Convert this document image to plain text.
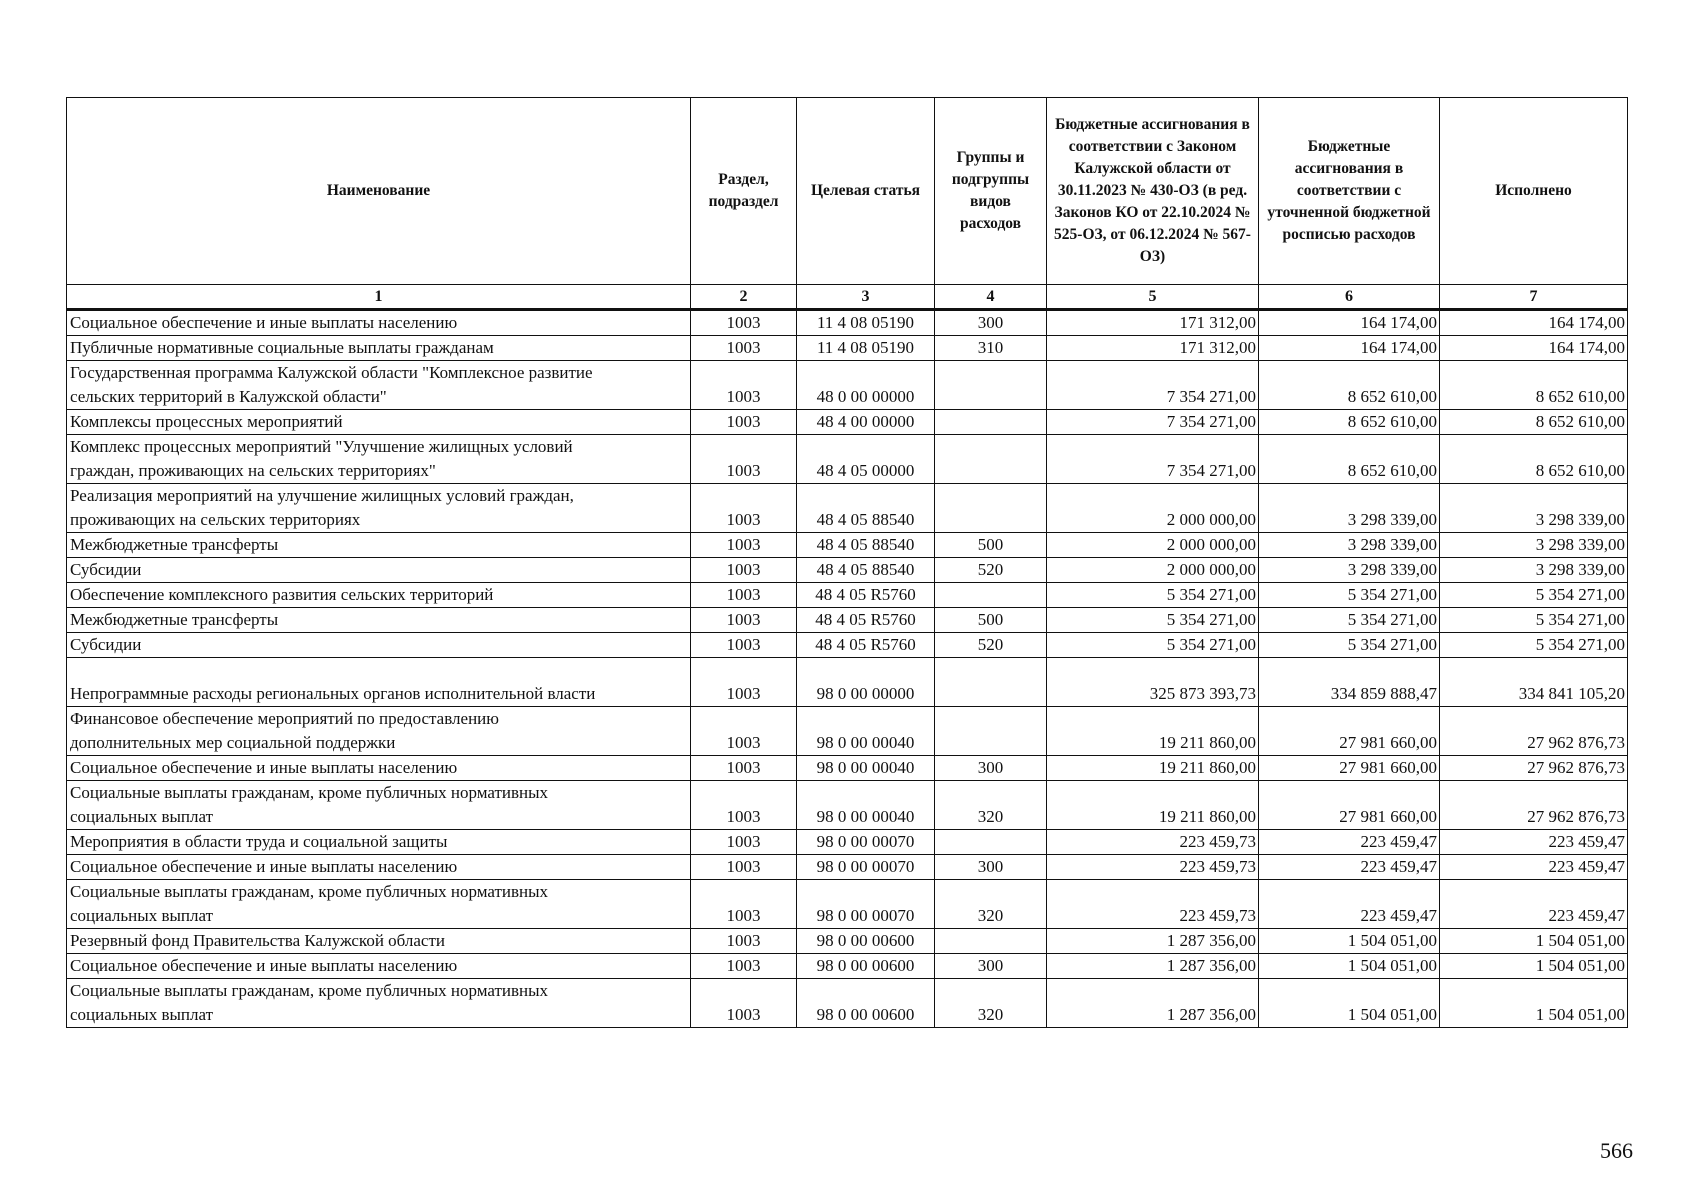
Наименование	Раздел, подраздел	Целевая статья	Группы и подгруппы видов расходов	Бюджетные ассигнования в соответствии с Законом Калужской области от 30.11.2023 № 430-ОЗ (в ред. Законов КО от 22.10.2024 № 525-ОЗ, от 06.12.2024 № 567-ОЗ)	Бюджетные ассигнования в соответствии с уточненной бюджетной росписью расходов	Исполнено
1	2	3	4	5	6	7

Социальное обеспечение и иные выплаты населению	1003	11 4 08 05190	300	171 312,00	164 174,00	164 174,00

Публичные нормативные социальные выплаты гражданам	1003	11 4 08 05190	310	171 312,00	164 174,00	164 174,00

Государственная программа Калужской области "Комплексное развитие
сельских территорий в Калужской области"	1003	48 0 00 00000		7 354 271,00	8 652 610,00	8 652 610,00

Комплексы процессных мероприятий	1003	48 4 00 00000		7 354 271,00	8 652 610,00	8 652 610,00

Комплекс процессных мероприятий "Улучшение жилищных условий
граждан, проживающих на сельских территориях"	1003	48 4 05 00000		7 354 271,00	8 652 610,00	8 652 610,00

Реализация мероприятий на улучшение жилищных условий граждан,
проживающих на сельских территориях	1003	48 4 05 88540		2 000 000,00	3 298 339,00	3 298 339,00

Межбюджетные трансферты	1003	48 4 05 88540	500	2 000 000,00	3 298 339,00	3 298 339,00

Субсидии	1003	48 4 05 88540	520	2 000 000,00	3 298 339,00	3 298 339,00

Обеспечение комплексного развития сельских территорий	1003	48 4 05 R5760		5 354 271,00	5 354 271,00	5 354 271,00

Межбюджетные трансферты	1003	48 4 05 R5760	500	5 354 271,00	5 354 271,00	5 354 271,00

Субсидии	1003	48 4 05 R5760	520	5 354 271,00	5 354 271,00	5 354 271,00

Непрограммные расходы региональных органов исполнительной власти	1003	98 0 00 00000		325 873 393,73	334 859 888,47	334 841 105,20

Финансовое обеспечение мероприятий по предоставлению
дополнительных мер социальной поддержки	1003	98 0 00 00040		19 211 860,00	27 981 660,00	27 962 876,73

Социальное обеспечение и иные выплаты населению	1003	98 0 00 00040	300	19 211 860,00	27 981 660,00	27 962 876,73

Социальные выплаты гражданам, кроме публичных нормативных
социальных выплат	1003	98 0 00 00040	320	19 211 860,00	27 981 660,00	27 962 876,73

Мероприятия в области труда и социальной защиты	1003	98 0 00 00070		223 459,73	223 459,47	223 459,47

Социальное обеспечение и иные выплаты населению	1003	98 0 00 00070	300	223 459,73	223 459,47	223 459,47

Социальные выплаты гражданам, кроме публичных нормативных
социальных выплат	1003	98 0 00 00070	320	223 459,73	223 459,47	223 459,47

Резервный фонд Правительства Калужской области	1003	98 0 00 00600		1 287 356,00	1 504 051,00	1 504 051,00

Социальное обеспечение и иные выплаты населению	1003	98 0 00 00600	300	1 287 356,00	1 504 051,00	1 504 051,00

Социальные выплаты гражданам, кроме публичных нормативных
социальных выплат	1003	98 0 00 00600	320	1 287 356,00	1 504 051,00	1 504 051,00
566
